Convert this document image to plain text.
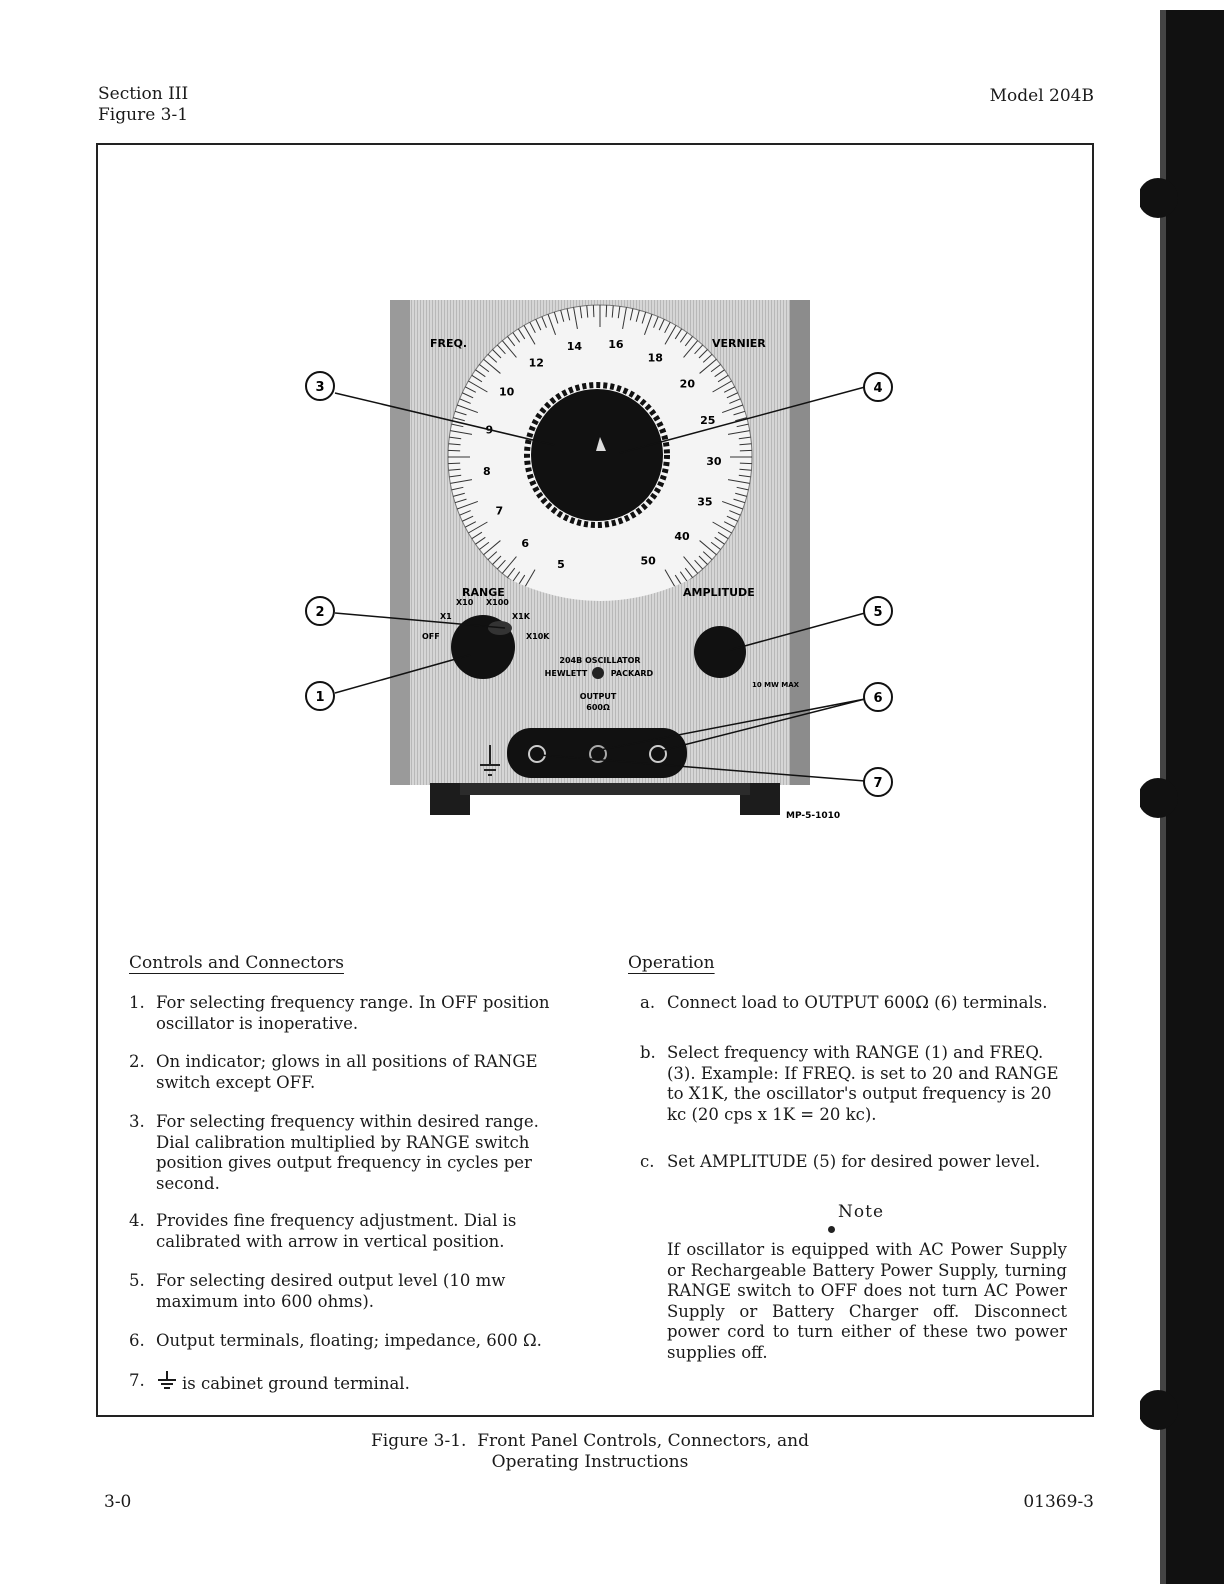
Section III
Figure 3-1
Model 204B
5
6
7
8
9
10
12
14 16
18
20
25
30
35
40
50
FREQ.	VERNIER
RANGE
OFF
X1
X10 X100
X1K
X10K
AMPLITUDE
10 MW MAX
204B OSCILLATOR
HEWLETT	PACKARD
OUTPUT
600Ω
MP-5-1010
3	4
2
1
5
6
7
Controls and Connectors
1. For selecting frequency range. In OFF position oscillator is inoperative.
2. On indicator; glows in all positions of RANGE switch except OFF.
3. For selecting frequency within desired range. Dial calibration multiplied by RANGE switch position gives output frequency in cycles per second.
4. Provides fine frequency adjustment. Dial is calibrated with arrow in vertical position.
5. For selecting desired output level (10 mw maximum into 600 ohms).
6. Output terminals, floating; impedance, 600 Ω.
7.	is cabinet ground terminal.
Operation
a. Connect load to OUTPUT 600Ω (6) terminals.
b. Select frequency with RANGE (1) and FREQ. (3). Example: If FREQ. is set to 20 and RANGE to X1K, the oscillator's output frequency is 20 kc (20 cps x 1K = 20 kc).
c. Set AMPLITUDE (5) for desired power level.
Note
If oscillator is equipped with AC Power Supply or Rechargeable Battery Power Supply, turning RANGE switch to OFF does not turn AC Power Supply or Battery Charger off. Disconnect power cord to turn either of these two power supplies off.
Figure 3-1.  Front Panel Controls, Connectors, and
Operating Instructions
3-0	01369-3
